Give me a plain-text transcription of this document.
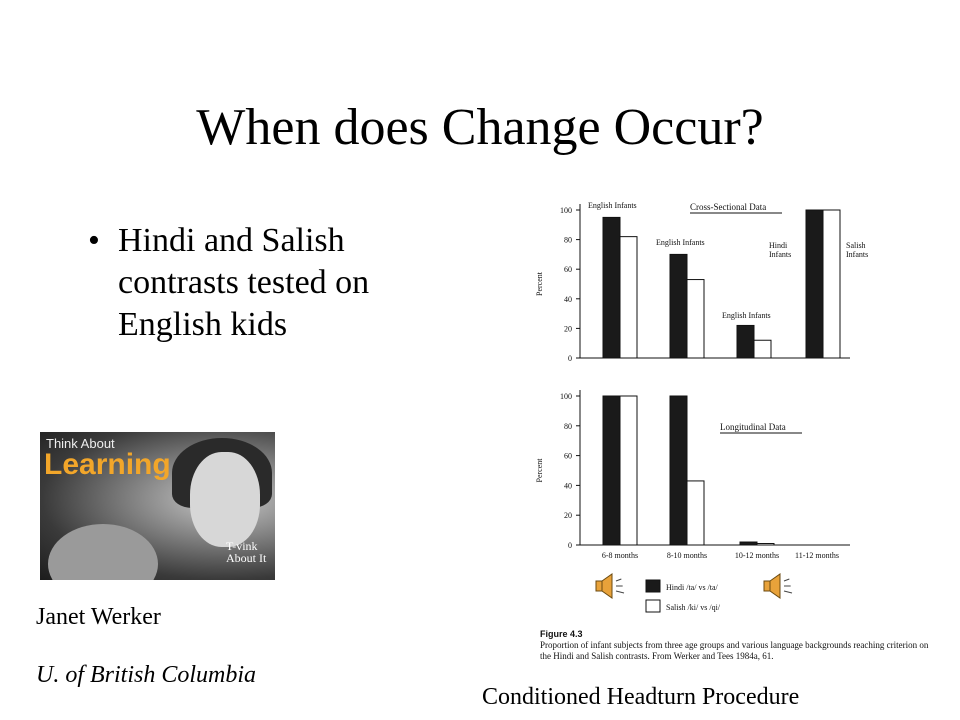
When does Change Occur?
• Hindi and Salish contrasts tested on English kids
Think About
Learning
T-vink
About It
Janet Werker
U. of British Columbia
Conditioned Headturn Procedure
0
20
40
60
80
100
Percent
Cross-Sectional Data
English Infants
English Infants
English Infants
Hindi
Infants
Salish
Infants
0
20
40
60
80
100
Percent
Longitudinal Data
6-8 months	8-10 months	10-12 months 11-12 months
Hindi /ta/ vs /ta/
Salish /ki/ vs /qi/
Figure 4.3
Proportion of infant subjects from three age groups and various language backgrounds reaching criterion on the Hindi and Salish contrasts. From Werker and Tees 1984a, 61.
